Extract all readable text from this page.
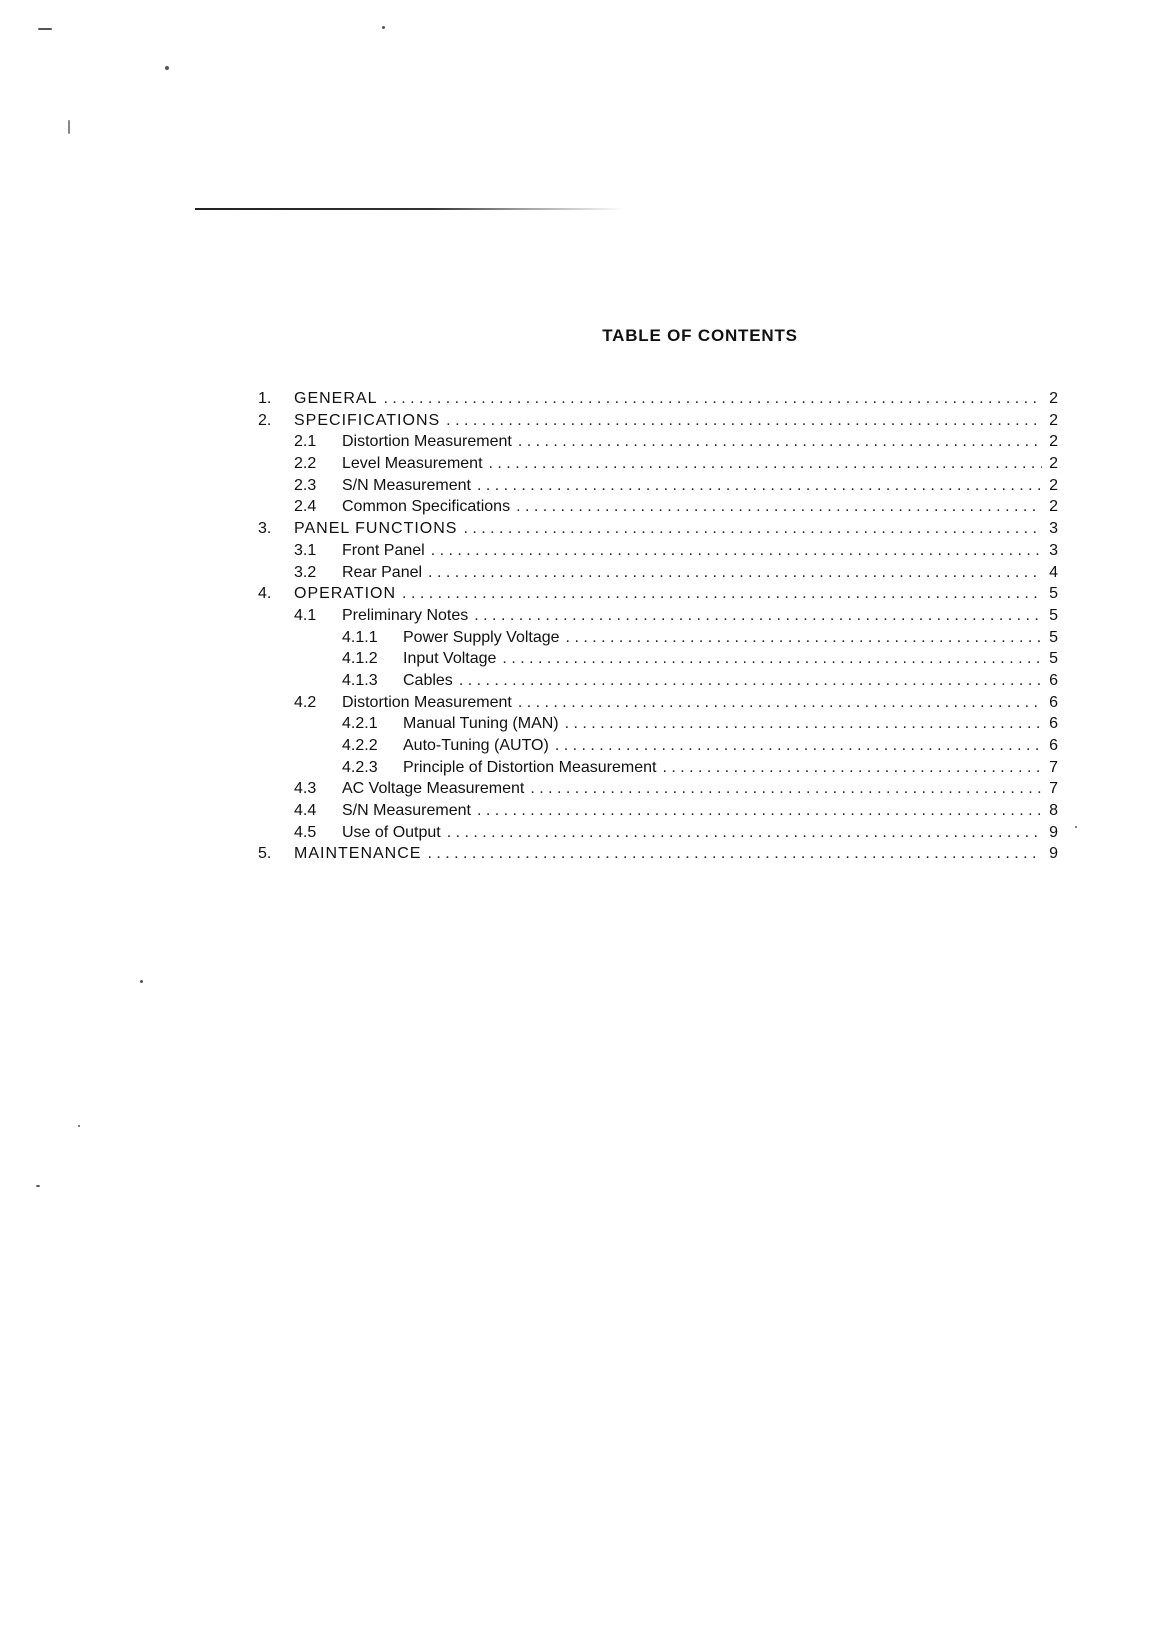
TABLE OF CONTENTS
1.	GENERAL . . .	2
2.	SPECIFICATIONS . . .	2
2.1	Distortion Measurement . . .	2
2.2	Level Measurement . . .	2
2.3	S/N Measurement . . .	2
2.4	Common Specifications . . .	2
3.	PANEL FUNCTIONS . . .	3
3.1	Front Panel . . .	3
3.2	Rear Panel . . .	4
4.	OPERATION . . .	5
4.1	Preliminary Notes . . .	5
4.1.1	Power Supply Voltage . . .	5
4.1.2	Input Voltage . . .	5
4.1.3	Cables . . .	6
4.2	Distortion Measurement . . .	6
4.2.1	Manual Tuning (MAN) . . .	6
4.2.2	Auto-Tuning (AUTO) . . .	6
4.2.3	Principle of Distortion Measurement . . .	7
4.3	AC Voltage Measurement . . .	7
4.4	S/N Measurement . . .	8
4.5	Use of Output . . .	9
5.	MAINTENANCE . . .	9
